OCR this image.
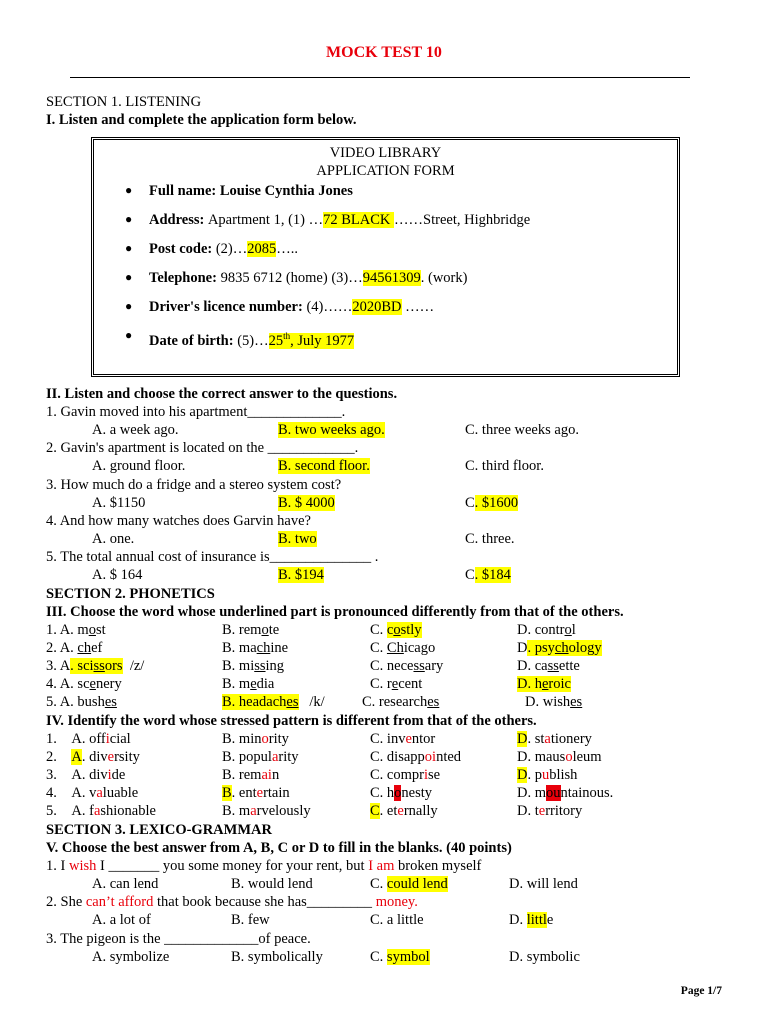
MOCK TEST 10
SECTION 1. LISTENING
I. Listen and complete the application form below.
VIDEO LIBRARY
APPLICATION FORM
● Full name: Louise Cynthia Jones
● Address: Apartment 1, (1) …72 BLACK ……Street, Highbridge
● Post code: (2)…2085…..
● Telephone: 9835 6712 (home) (3)…94561309. (work)
● Driver's licence number: (4)……2020BD ……
● Date of birth: (5)…25th, July 1977
II. Listen and choose the correct answer to the questions.
1. Gavin moved into his apartment_____________.
A. a week ago.	B. two weeks ago.	C. three weeks ago.
2. Gavin's apartment is located on the ____________.
A. ground floor.	B. second floor.	C. third floor.
3. How much do a fridge and a stereo system cost?
A. $1150	B. $ 4000	C. $1600
4. And how many watches does Garvin have?
A. one.	B. two	C. three.
5. The total annual cost of insurance is______________ .
A. $ 164	B. $194	C. $184
SECTION 2. PHONETICS
III. Choose the word whose underlined part is pronounced differently from that of the others.
1. A. most	B. remote	C. costly	D. control
2. A. chef	B. machine	C. Chicago	D. psychology
3. A. scissors  /z/	B. missing	C. necessary	D. cassette
4. A. scenery	B. media	C. recent	D. heroic
5. A. bushes	B. headaches   /k/	C. researches	D. wishes
IV. Identify the word whose stressed pattern is different from that of the others.
1.    A. official	B. minority	C. inventor	D. stationery
2.    A. diversity	B. popularity	C. disappointed	D. mausoleum
3.    A. divide	B. remain	C. comprise	D. publish
4.    A. valuable	B. entertain	C. honesty	D. mountainous.
5.    A. fashionable	B. marvelously	C. eternally	D. territory
SECTION 3. LEXICO-GRAMMAR
V. Choose the best answer from A, B, C or D to fill in the blanks. (40 points)
1. I wish I _______ you some money for your rent, but I am broken myself
A. can lend	B. would lend	C. could lend	D. will lend
2. She can’t afford that book because she has_________ money.
A. a lot of	B. few	C. a little	D. little
3. The pigeon is the _____________of peace.
A. symbolize	B. symbolically	C. symbol	D. symbolic
Page 1/7
